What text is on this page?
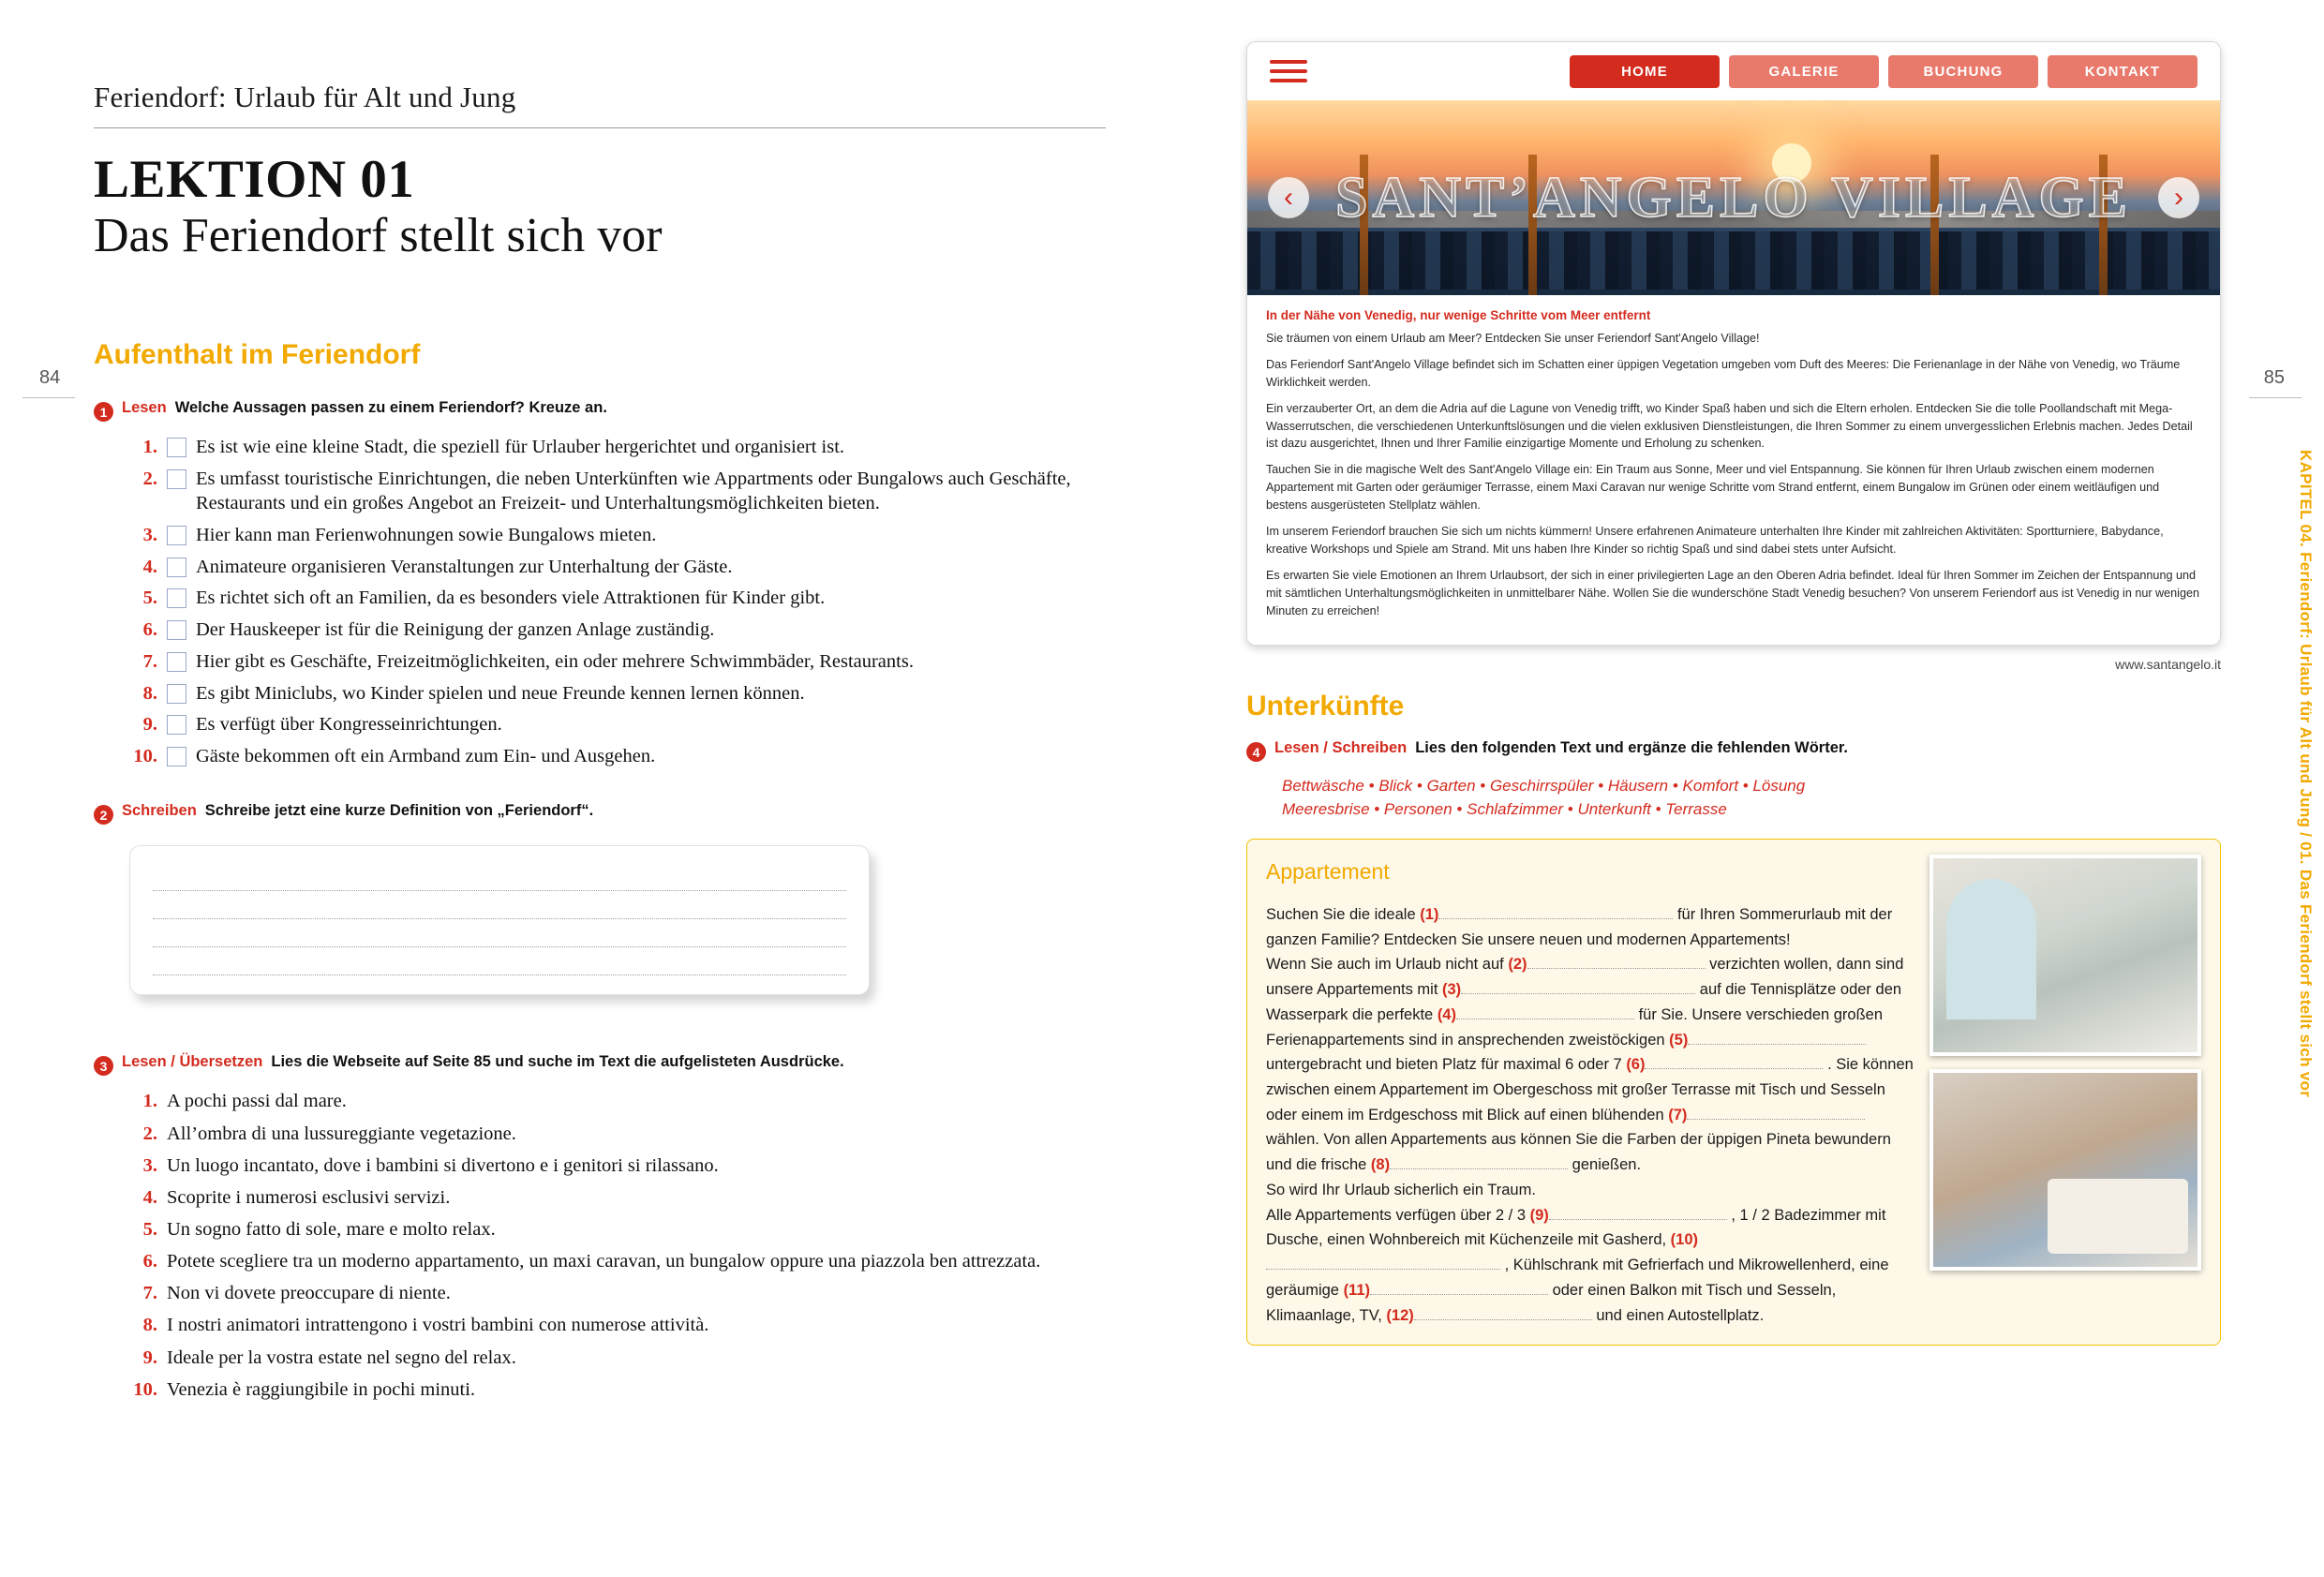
84
Feriendorf: Urlaub für Alt und Jung
LEKTION 01
Das Feriendorf stellt sich vor
Aufenthalt im Feriendorf
1 Lesen Welche Aussagen passen zu einem Feriendorf? Kreuze an.
1. Es ist wie eine kleine Stadt, die speziell für Urlauber hergerichtet und organisiert ist.
2. Es umfasst touristische Einrichtungen, die neben Unterkünften wie Appartments oder Bungalows auch Geschäfte, Restaurants und ein großes Angebot an Freizeit- und Unterhaltungsmöglichkeiten bieten.
3. Hier kann man Ferienwohnungen sowie Bungalows mieten.
4. Animateure organisieren Veranstaltungen zur Unterhaltung der Gäste.
5. Es richtet sich oft an Familien, da es besonders viele Attraktionen für Kinder gibt.
6. Der Hauskeeper ist für die Reinigung der ganzen Anlage zuständig.
7. Hier gibt es Geschäfte, Freizeitmöglichkeiten, ein oder mehrere Schwimmbäder, Restaurants.
8. Es gibt Miniclubs, wo Kinder spielen und neue Freunde kennen lernen können.
9. Es verfügt über Kongresseinrichtungen.
10. Gäste bekommen oft ein Armband zum Ein- und Ausgehen.
2 Schreiben Schreibe jetzt eine kurze Definition von „Feriendorf“.
3 Lesen / Übersetzen Lies die Webseite auf Seite 85 und suche im Text die aufgelisteten Ausdrücke.
1. A pochi passi dal mare.
2. All’ombra di una lussureggiante vegetazione.
3. Un luogo incantato, dove i bambini si divertono e i genitori si rilassano.
4. Scoprite i numerosi esclusivi servizi.
5. Un sogno fatto di sole, mare e molto relax.
6. Potete scegliere tra un moderno appartamento, un maxi caravan, un bungalow oppure una piazzola ben attrezzata.
7. Non vi dovete preoccupare di niente.
8. I nostri animatori intrattengono i vostri bambini con numerose attività.
9. Ideale per la vostra estate nel segno del relax.
10. Venezia è raggiungibile in pochi minuti.
85
KAPITEL 04. Feriendorf: Urlaub für Alt und Jung / 01. Das Feriendorf stellt sich vor
HOME	GALERIE	BUCHUNG	KONTAKT
SANT’ANGELO VILLAGE
‹	›
In der Nähe von Venedig, nur wenige Schritte vom Meer entfernt

Sie träumen von einem Urlaub am Meer? Entdecken Sie unser Feriendorf Sant'Angelo Village!

Das Feriendorf Sant'Angelo Village befindet sich im Schatten einer üppigen Vegetation umgeben vom Duft des Meeres: Die Ferienanlage in der Nähe von Venedig, wo Träume Wirklichkeit werden.

Ein verzauberter Ort, an dem die Adria auf die Lagune von Venedig trifft, wo Kinder Spaß haben und sich die Eltern erholen. Entdecken Sie die tolle Poollandschaft mit Mega-Wasserrutschen, die verschiedenen Unterkunftslösungen und die vielen exklusiven Dienstleistungen, die Ihren Sommer zu einem unvergesslichen Erlebnis machen. Jedes Detail ist dazu ausgerichtet, Ihnen und Ihrer Familie einzigartige Momente und Erholung zu schenken.

Tauchen Sie in die magische Welt des Sant'Angelo Village ein: Ein Traum aus Sonne, Meer und viel Entspannung. Sie können für Ihren Urlaub zwischen einem modernen Appartement mit Garten oder geräumiger Terrasse, einem Maxi Caravan nur wenige Schritte vom Strand entfernt, einem Bungalow im Grünen oder einem weitläufigen und bestens ausgerüsteten Stellplatz wählen.

Im unserem Feriendorf brauchen Sie sich um nichts kümmern! Unsere erfahrenen Animateure unterhalten Ihre Kinder mit zahlreichen Aktivitäten: Sportturniere, Babydance, kreative Workshops und Spiele am Strand. Mit uns haben Ihre Kinder so richtig Spaß und sind dabei stets unter Aufsicht.

Es erwarten Sie viele Emotionen an Ihrem Urlaubsort, der sich in einer privilegierten Lage an den Oberen Adria befindet. Ideal für Ihren Sommer im Zeichen der Entspannung und mit sämtlichen Unterhaltungsmöglichkeiten in unmittelbarer Nähe. Wollen Sie die wunderschöne Stadt Venedig besuchen? Von unserem Feriendorf aus ist Venedig in nur wenigen Minuten zu erreichen!

www.santangelo.it
Unterkünfte
4 Lesen / Schreiben Lies den folgenden Text und ergänze die fehlenden Wörter.
Bettwäsche • Blick • Garten • Geschirrspüler • Häusern • Komfort • Lösung
Meeresbrise • Personen • Schlafzimmer • Unterkunft • Terrasse
Appartement
Suchen Sie die ideale (1)	für Ihren Sommerurlaub mit der ganzen Familie? Entdecken Sie unsere neuen und modernen Appartements!
Wenn Sie auch im Urlaub nicht auf (2)	verzichten wollen, dann sind unsere Appartements mit (3)	auf die Tennisplätze oder den Wasserpark die perfekte (4)	für Sie. Unsere verschieden großen Ferienappartements sind in ansprechenden zweistöckigen (5) untergebracht und bieten Platz für maximal 6 oder 7 (6)	. Sie können zwischen einem Appartement im Obergeschoss mit großer Terrasse mit Tisch und Sesseln oder einem im Erdgeschoss mit Blick auf einen blühenden (7) wählen. Von allen Appartements aus können Sie die Farben der üppigen Pineta bewundern und die frische (8)	genießen.
So wird Ihr Urlaub sicherlich ein Traum.
Alle Appartements verfügen über 2 / 3 (9)	, 1 / 2 Badezimmer mit Dusche, einen Wohnbereich mit Küchenzeile mit Gasherd, (10) , Kühlschrank mit Gefrierfach und Mikrowellenherd, eine geräumige (11)	oder einen Balkon mit Tisch und Sesseln, Klimaanlage, TV, (12)	und einen Autostellplatz.
